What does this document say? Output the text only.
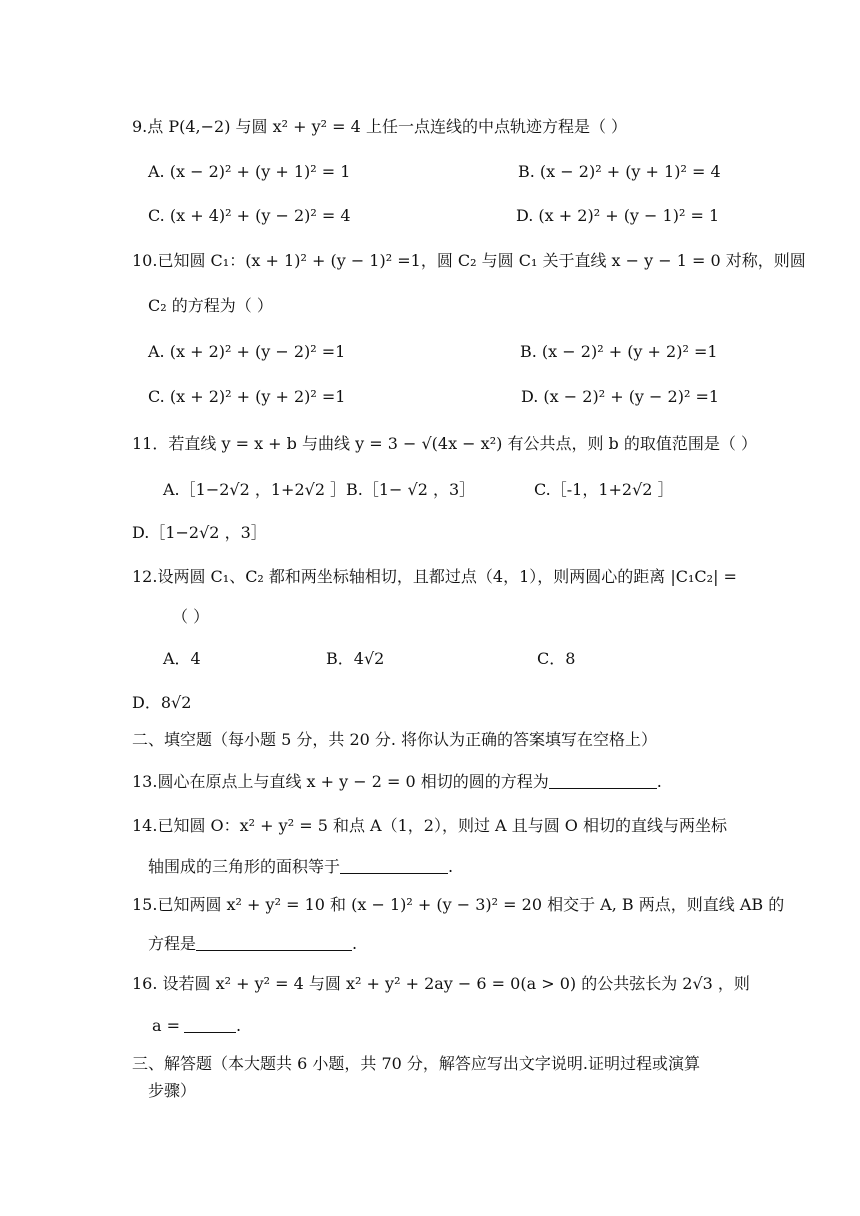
9.点 P(4,−2) 与圆 x² + y² = 4 上任一点连线的中点轨迹方程是（ ）
A. (x − 2)² + (y + 1)² = 1	B. (x − 2)² + (y + 1)² = 4
C. (x + 4)² + (y − 2)² = 4	D. (x + 2)² + (y − 1)² = 1
10.已知圆 C₁：(x + 1)² + (y − 1)² =1，圆 C₂ 与圆 C₁ 关于直线 x − y − 1 = 0 对称，则圆
C₂ 的方程为（ ）
A. (x + 2)² + (y − 2)² =1	B. (x − 2)² + (y + 2)² =1
C. (x + 2)² + (y + 2)² =1	D. (x − 2)² + (y − 2)² =1
11．若直线 y = x + b 与曲线 y = 3 − √(4x − x²) 有公共点，则 b 的取值范围是（ ）
A.［1−2√2 ，1+2√2 ］ B.［1− √2 ，3］	C.［-1，1+2√2 ］
D.［1−2√2 ，3］
12.设两圆 C₁、C₂ 都和两坐标轴相切，且都过点（4，1），则两圆心的距离 |C₁C₂| =
（ ）
A．4	B．4√2	C．8
D．8√2
二、填空题（每小题 5 分，共 20 分. 将你认为正确的答案填写在空格上）
13.圆心在原点上与直线 x + y − 2 = 0 相切的圆的方程为	.
14.已知圆 O：x² + y² = 5 和点 A（1，2），则过 A 且与圆 O 相切的直线与两坐标
轴围成的三角形的面积等于	.
15.已知两圆 x² + y² = 10 和 (x − 1)² + (y − 3)² = 20 相交于 A, B 两点，则直线 AB 的
方程是	.
16. 设若圆 x² + y² = 4 与圆 x² + y² + 2ay − 6 = 0(a > 0) 的公共弦长为 2√3 ，则
a =	.
三、解答题（本大题共 6 小题，共 70 分，解答应写出文字说明.证明过程或演算
步骤）
